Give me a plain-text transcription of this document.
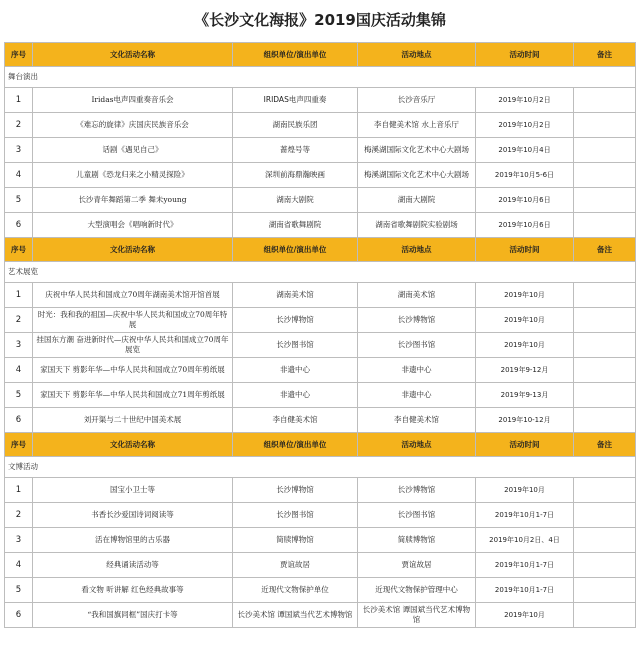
《长沙文化海报》2019国庆活动集锦
序号	文化活动名称	组织单位/演出单位	活动地点	活动时间	备注
舞台演出					
1	Iridas电声四重奏音乐会	IRIDAS电声四重奏	长沙音乐厅	2019年10月2日	
2	《难忘的旋律》庆国庆民族音乐会	湖南民族乐团	李自健美术馆 水上音乐厅	2019年10月2日	
3	话剧《遇见自己》	蔷煌号等	梅溪湖国际文化艺术中心大剧场	2019年10月4日	
4	儿童剧《恐龙归来之小精灵探险》	深圳前海鼎瀚映画	梅溪湖国际文化艺术中心大剧场	2019年10月5-6日	
5	长沙青年舞蹈第二季 舞未young	湖南大剧院	湖南大剧院	2019年10月6日	
6	大型演唱会《唱响新时代》	湖南省歌舞剧院	湖南省歌舞剧院实验剧场	2019年10月6日	
序号	文化活动名称	组织单位/演出单位	活动地点	活动时间	备注
艺术展览					
1	庆祝中华人民共和国成立70周年湖南美术馆开馆首展	湖南美术馆	湖南美术馆	2019年10月	
2	时光：我和我的祖国—庆祝中华人民共和国成立70周年特展	长沙博物馆	长沙博物馆	2019年10月	
3	挂国东方潮 奋进新时代—庆祝中华人民共和国成立70周年展览	长沙图书馆	长沙图书馆	2019年10月	
4	家国天下 剪影年华—中华人民共和国成立70周年剪纸展	非遗中心	非遗中心	2019年9-12月	
5	家国天下 剪影年华—中华人民共和国成立71周年剪纸展	非遗中心	非遗中心	2019年9-13月	
6	刘开渠与二十世纪中国美术展	李自健美术馆	李自健美术馆	2019年10-12月	
序号	文化活动名称	组织单位/演出单位	活动地点	活动时间	备注
文博活动					
1	国宝小卫士等	长沙博物馆	长沙博物馆	2019年10月	
2	书香长沙爱国诗词阅读等	长沙图书馆	长沙图书馆	2019年10月1-7日	
3	活在博物馆里的古乐器	简牍博物馆	简牍博物馆	2019年10月2日、4日	
4	经典诵读活动等	贾谊故居	贾谊故居	2019年10月1-7日	
5	看文物 听讲解 红色经典故事等	近现代文物保护单位	近现代文物保护管理中心	2019年10月1-7日	
6	“我和国旗同框”国庆打卡等	长沙美术馆 谭国斌当代艺术博物馆	长沙美术馆 谭国斌当代艺术博物馆	2019年10月	
